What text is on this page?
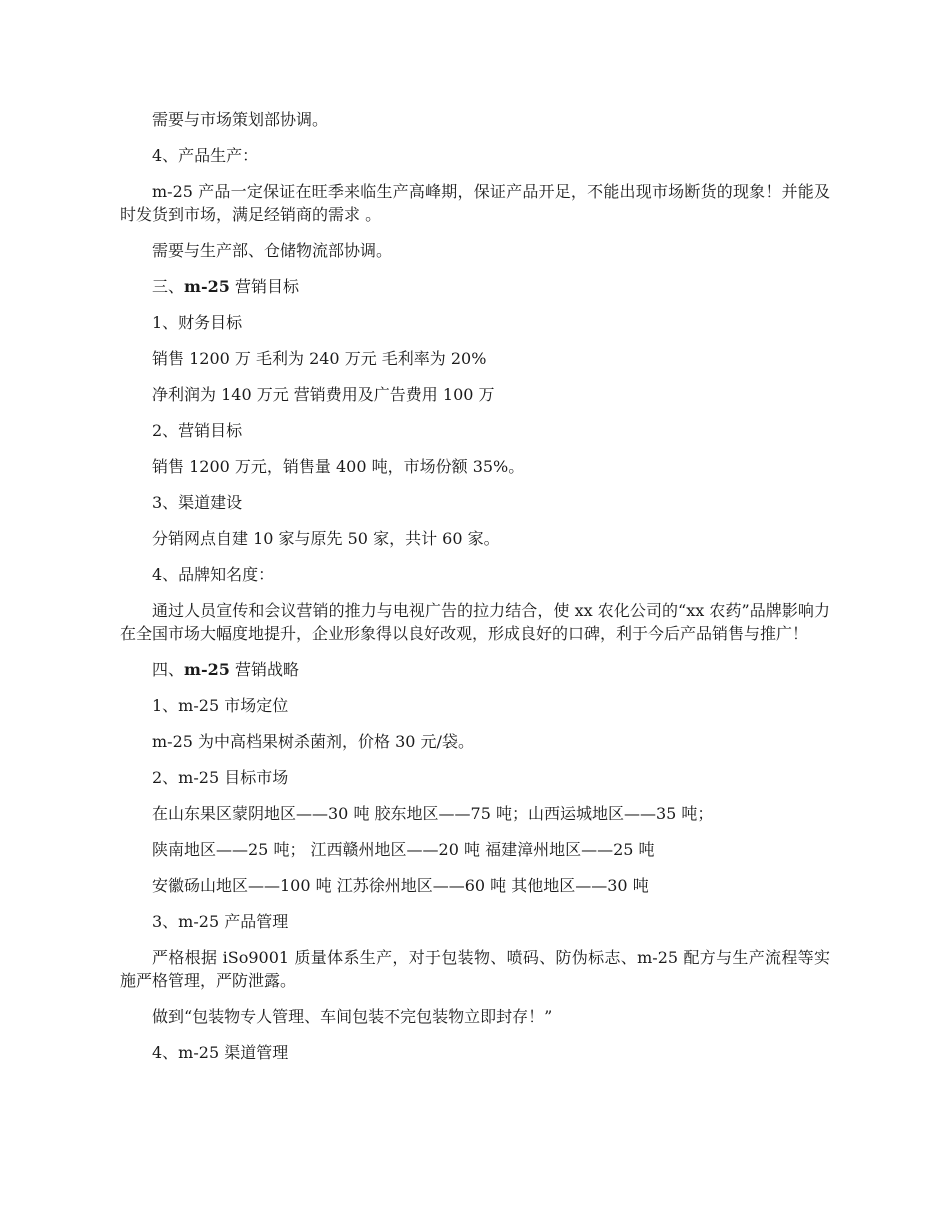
需要与市场策划部协调。

4、产品生产：

m-25 产品一定保证在旺季来临生产高峰期，保证产品开足，不能出现市场断货的现象！并能及时发货到市场，满足经销商的需求 。

需要与生产部、仓储物流部协调。

三、m-25 营销目标

1、财务目标

销售 1200 万 毛利为 240 万元 毛利率为 20%

净利润为 140 万元 营销费用及广告费用 100 万

2、营销目标

销售 1200 万元，销售量 400 吨，市场份额 35%。

3、渠道建设

分销网点自建 10 家与原先 50 家，共计 60 家。

4、品牌知名度：

通过人员宣传和会议营销的推力与电视广告的拉力结合，使 xx 农化公司的“xx 农药”品牌影响力在全国市场大幅度地提升，企业形象得以良好改观，形成良好的口碑，利于今后产品销售与推广！

四、m-25 营销战略

1、m-25 市场定位

m-25 为中高档果树杀菌剂，价格 30 元/袋。

2、m-25 目标市场

在山东果区蒙阴地区——30 吨 胶东地区——75 吨；山西运城地区——35 吨；

陕南地区——25 吨； 江西赣州地区——20 吨 福建漳州地区——25 吨

安徽砀山地区——100 吨 江苏徐州地区——60 吨 其他地区——30 吨

3、m-25 产品管理

严格根据 iSo9001 质量体系生产，对于包装物、喷码、防伪标志、m-25 配方与生产流程等实施严格管理，严防泄露。

做到“包装物专人管理、车间包装不完包装物立即封存！”

4、m-25 渠道管理
